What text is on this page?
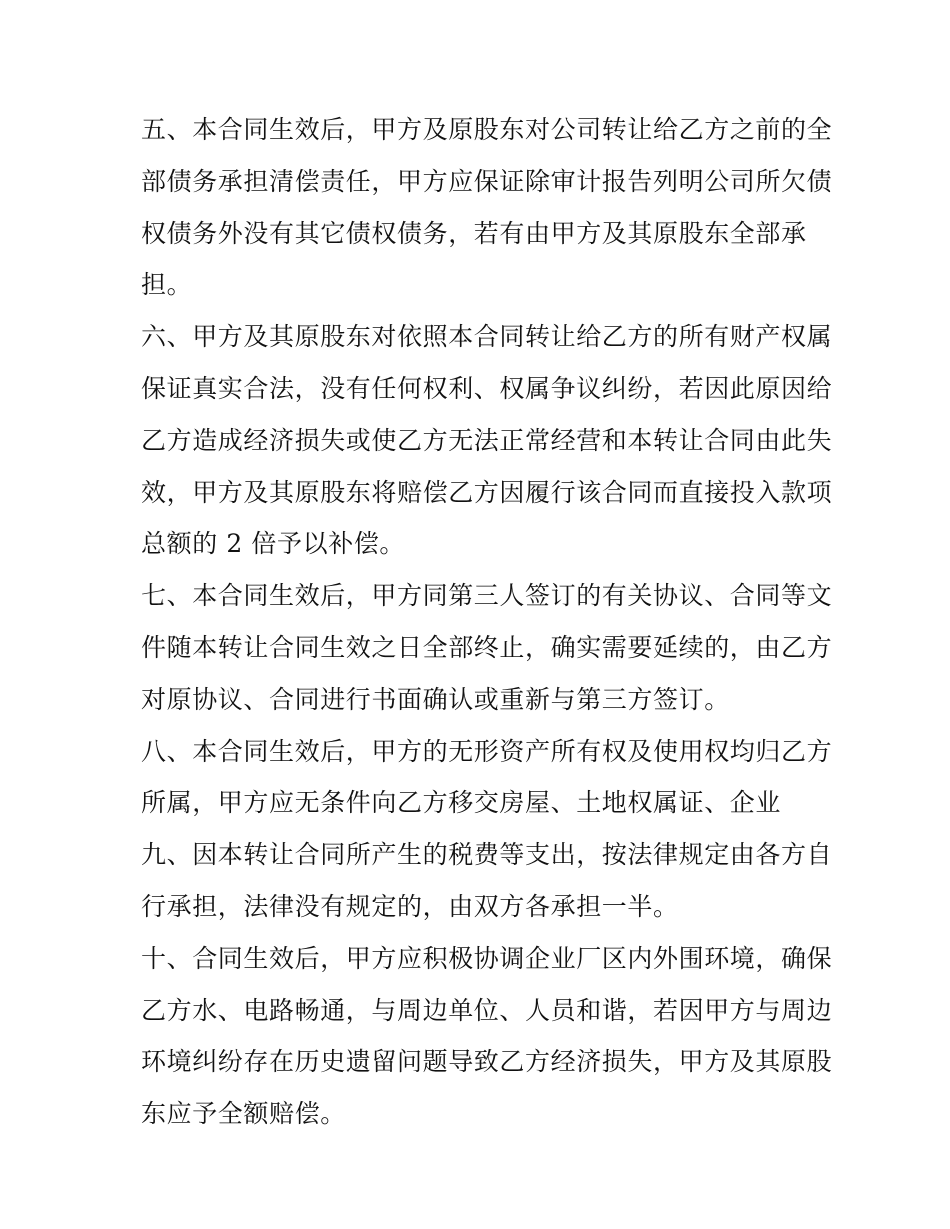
五、本合同生效后，甲方及原股东对公司转让给乙方之前的全
部债务承担清偿责任，甲方应保证除审计报告列明公司所欠债
权债务外没有其它债权债务，若有由甲方及其原股东全部承
担。
六、甲方及其原股东对依照本合同转让给乙方的所有财产权属
保证真实合法，没有任何权利、权属争议纠纷，若因此原因给
乙方造成经济损失或使乙方无法正常经营和本转让合同由此失
效，甲方及其原股东将赔偿乙方因履行该合同而直接投入款项
总额的 2 倍予以补偿。
七、本合同生效后，甲方同第三人签订的有关协议、合同等文
件随本转让合同生效之日全部终止，确实需要延续的，由乙方
对原协议、合同进行书面确认或重新与第三方签订。
八、本合同生效后，甲方的无形资产所有权及使用权均归乙方
所属，甲方应无条件向乙方移交房屋、土地权属证、企业
九、因本转让合同所产生的税费等支出，按法律规定由各方自
行承担，法律没有规定的，由双方各承担一半。
十、合同生效后，甲方应积极协调企业厂区内外围环境，确保
乙方水、电路畅通，与周边单位、人员和谐，若因甲方与周边
环境纠纷存在历史遗留问题导致乙方经济损失，甲方及其原股
东应予全额赔偿。
